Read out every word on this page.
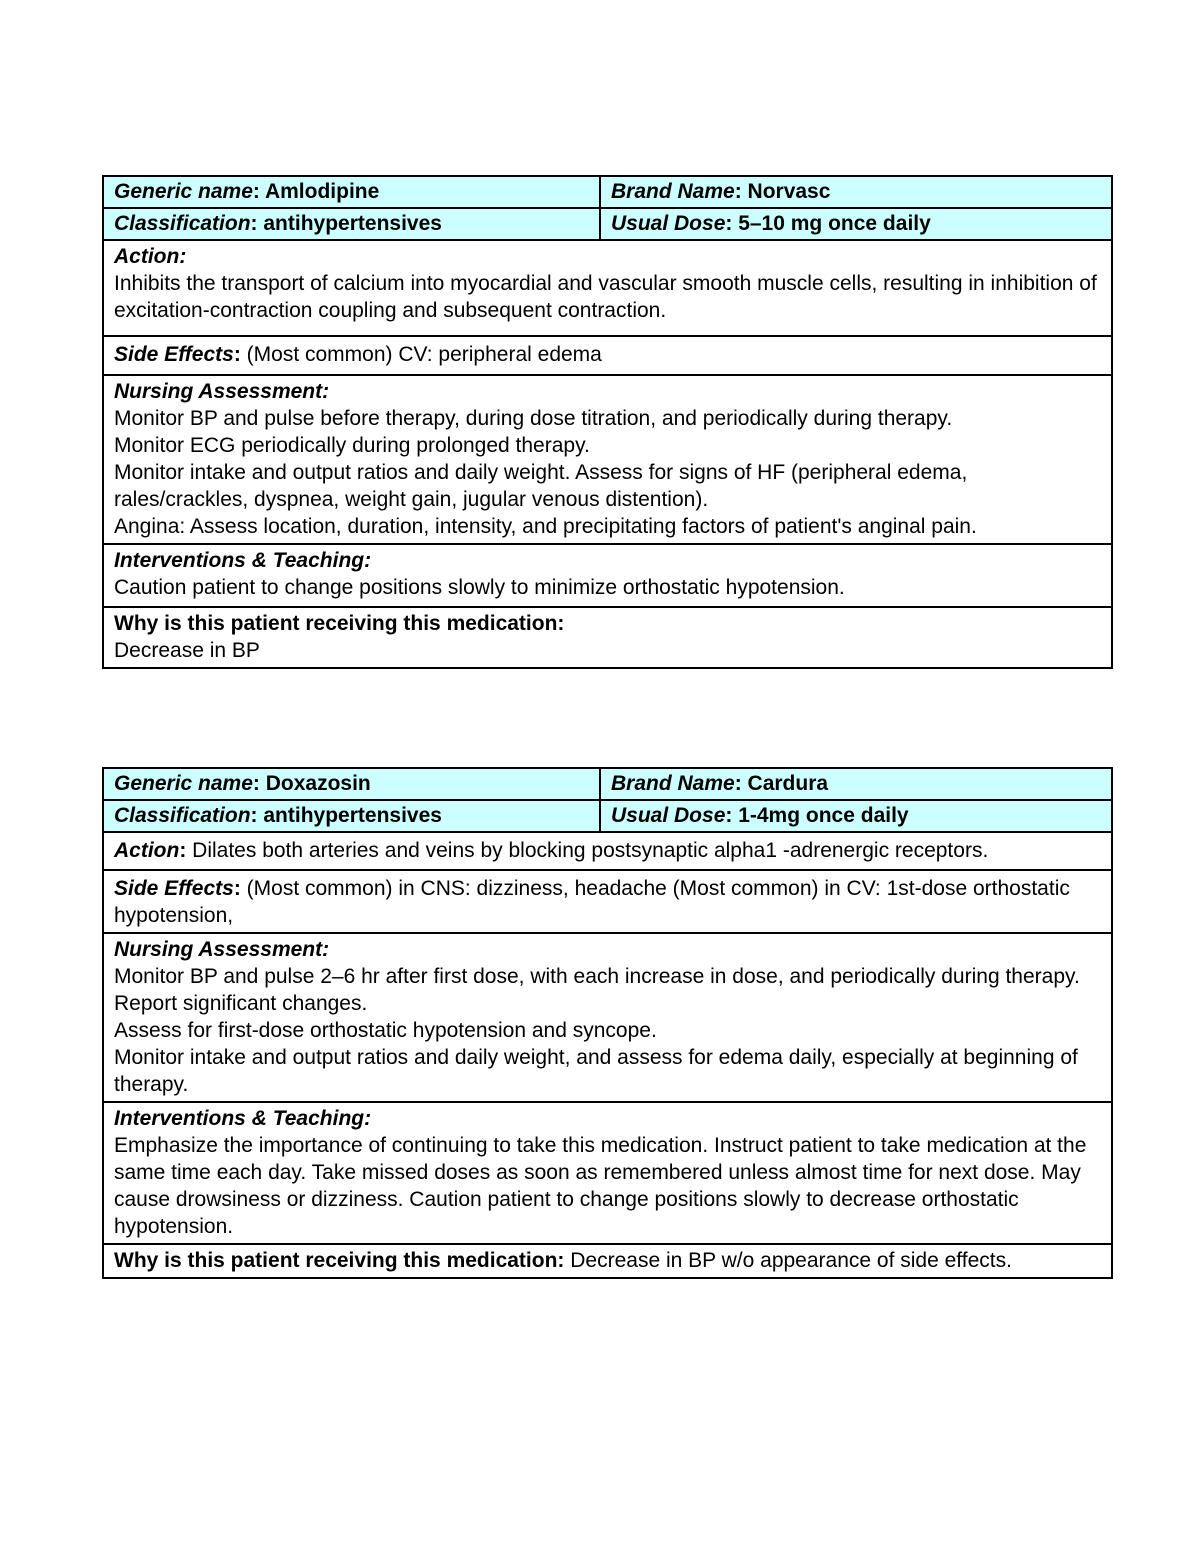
Generic name: Amlodipine	Brand Name: Norvasc
Classification: antihypertensives	Usual Dose: 5–10 mg once daily

Action:
Inhibits the transport of calcium into myocardial and vascular smooth muscle cells, resulting in inhibition of excitation-contraction coupling and subsequent contraction.	

Side Effects: (Most common) CV: peripheral edema	

Nursing Assessment:
Monitor BP and pulse before therapy, during dose titration, and periodically during therapy.
Monitor ECG periodically during prolonged therapy.
Monitor intake and output ratios and daily weight. Assess for signs of HF (peripheral edema, rales/crackles, dyspnea, weight gain, jugular venous distention).
Angina: Assess location, duration, intensity, and precipitating factors of patient's anginal pain.	

Interventions & Teaching:
Caution patient to change positions slowly to minimize orthostatic hypotension.	

Why is this patient receiving this medication:
Decrease in BP	
Generic name: Doxazosin	Brand Name: Cardura
Classification: antihypertensives	Usual Dose: 1-4mg once daily
Action: Dilates both arteries and veins by blocking postsynaptic alpha1 -adrenergic receptors.	
Side Effects: (Most common) in CNS: dizziness, headache (Most common) in CV: 1st-dose orthostatic hypotension,	

Nursing Assessment:
Monitor BP and pulse 2–6 hr after first dose, with each increase in dose, and periodically during therapy. Report significant changes.
Assess for first-dose orthostatic hypotension and syncope.
Monitor intake and output ratios and daily weight, and assess for edema daily, especially at beginning of therapy.	

Interventions & Teaching:
Emphasize the importance of continuing to take this medication. Instruct patient to take medication at the same time each day. Take missed doses as soon as remembered unless almost time for next dose. May cause drowsiness or dizziness. Caution patient to change positions slowly to decrease orthostatic hypotension.	

Why is this patient receiving this medication: Decrease in BP w/o appearance of side effects.	
